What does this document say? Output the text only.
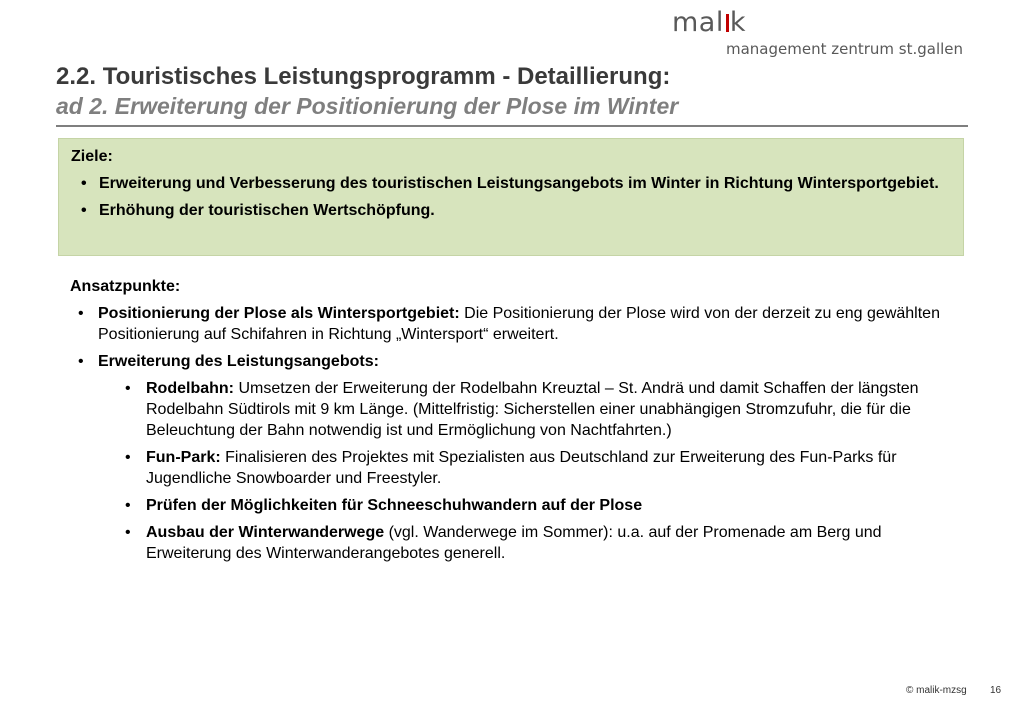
mal k
management zentrum st.gallen
2.2. Touristisches Leistungsprogramm - Detaillierung:
ad 2. Erweiterung der Positionierung der Plose im Winter
Ziele:
• Erweiterung und Verbesserung des touristischen Leistungsangebots im Winter in Richtung Wintersportgebiet.
• Erhöhung der touristischen Wertschöpfung.
Ansatzpunkte:
• Positionierung der Plose als Wintersportgebiet: Die Positionierung der Plose wird von der derzeit zu eng gewählten Positionierung auf Schifahren in Richtung „Wintersport“ erweitert.
• Erweiterung des Leistungsangebots:
• Rodelbahn: Umsetzen der Erweiterung der Rodelbahn Kreuztal – St. Andrä und damit Schaffen der längsten Rodelbahn Südtirols mit 9 km Länge. (Mittelfristig: Sicherstellen einer unabhängigen Stromzufuhr, die für die Beleuchtung der Bahn notwendig ist und Ermöglichung von Nachtfahrten.)
• Fun-Park: Finalisieren des Projektes mit Spezialisten aus Deutschland zur Erweiterung des Fun-Parks für Jugendliche Snowboarder und Freestyler.
• Prüfen der Möglichkeiten für Schneeschuhwandern auf der Plose
• Ausbau der Winterwanderwege (vgl. Wanderwege im Sommer): u.a. auf der Promenade am Berg und Erweiterung des Winterwanderangebotes generell.
© malik-mzsg 16
